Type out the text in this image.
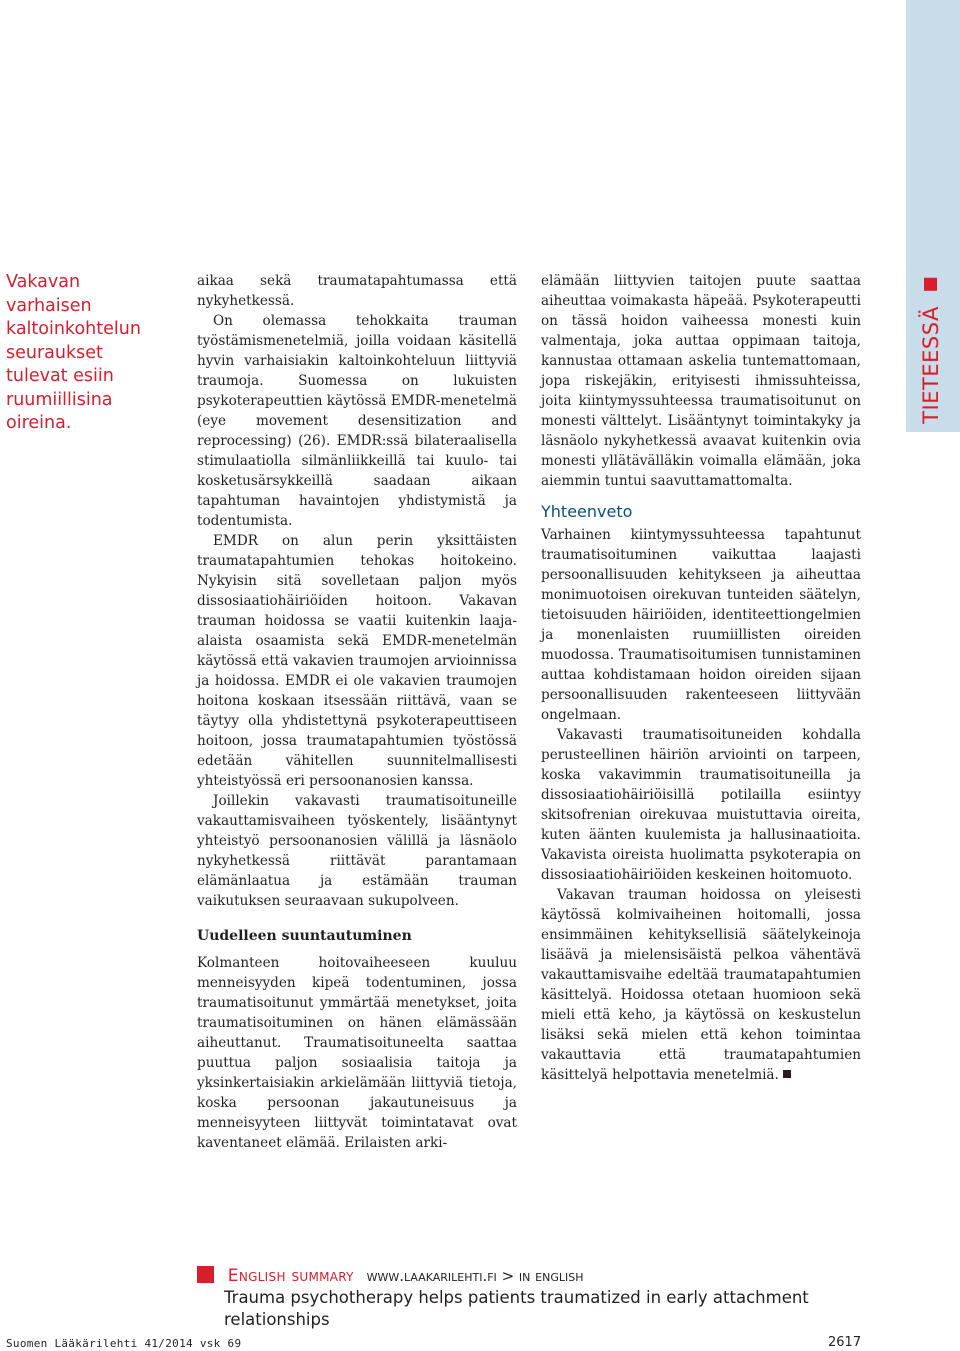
TIETEESSÄ
Vakavan varhaisen kaltoinkohtelun seuraukset tulevat esiin ruumiillisina oireina.

aikaa sekä traumatapahtumassa että nykyhetkessä.

On olemassa tehokkaita trauman työstämismenetelmiä, joilla voidaan käsitellä hyvin varhaisiakin kaltoinkohteluun liittyviä traumoja. Suomessa on lukuisten psykoterapeuttien käytössä EMDR-menetelmä (eye movement desensitization and reprocessing) (26). EMDR:ssä bilateraalisella stimulaatiolla silmänliikkeillä tai kuulo- tai kosketusärsykkeillä saadaan aikaan tapahtuman havaintojen yhdistymistä ja todentumista.

EMDR on alun perin yksittäisten traumatapahtumien tehokas hoitokeino. Nykyisin sitä sovelletaan paljon myös dissosiaatiohäiriöiden hoitoon. Vakavan trauman hoidossa se vaatii kuitenkin laaja-alaista osaamista sekä EMDR-menetelmän käytössä että vakavien traumojen arvioinnissa ja hoidossa. EMDR ei ole vakavien traumojen hoitona koskaan itsessään riittävä, vaan se täytyy olla yhdistettynä psykoterapeuttiseen hoitoon, jossa traumatapahtumien työstössä edetään vähitellen suunnitelmallisesti yhteistyössä eri persoonanosien kanssa.

Joillekin vakavasti traumatisoituneille vakauttamisvaiheen työskentely, lisääntynyt yhteistyö persoonanosien välillä ja läsnäolo nykyhetkessä riittävät parantamaan elämänlaatua ja estämään trauman vaikutuksen seuraavaan sukupolveen.

Uudelleen suuntautuminen

Kolmanteen hoitovaiheeseen kuuluu menneisyyden kipeä todentuminen, jossa traumatisoitunut ymmärtää menetykset, joita traumatisoituminen on hänen elämässään aiheuttanut. Traumatisoituneelta saattaa puuttua paljon sosiaalisia taitoja ja yksinkertaisiakin arkielämään liittyviä tietoja, koska persoonan jakautuneisuus ja menneisyyteen liittyvät toimintatavat ovat kaventaneet elämää. Erilaisten arki-

elämään liittyvien taitojen puute saattaa aiheuttaa voimakasta häpeää. Psykoterapeutti on tässä hoidon vaiheessa monesti kuin valmentaja, joka auttaa oppimaan taitoja, kannustaa ottamaan askelia tuntemattomaan, jopa riskejäkin, erityisesti ihmissuhteissa, joita kiintymyssuhteessa traumatisoitunut on monesti välttelyt. Lisääntynyt toimintakyky ja läsnäolo nykyhetkessä avaavat kuitenkin ovia monesti yllätävälläkin voimalla elämään, joka aiemmin tuntui saavuttamattomalta.

Yhteenveto

Varhainen kiintymyssuhteessa tapahtunut traumatisoituminen vaikuttaa laajasti persoonallisuuden kehitykseen ja aiheuttaa monimuotoisen oirekuvan tunteiden säätelyn, tietoisuuden häiriöiden, identiteettiongelmien ja monenlaisten ruumiillisten oireiden muodossa. Traumatisoitumisen tunnistaminen auttaa kohdistamaan hoidon oireiden sijaan persoonallisuuden rakenteeseen liittyvään ongelmaan.

Vakavasti traumatisoituneiden kohdalla perusteellinen häiriön arviointi on tarpeen, koska vakavimmin traumatisoituneilla ja dissosiaatiohäiriöisillä potilailla esiintyy skitsofrenian oirekuvaa muistuttavia oireita, kuten äänten kuulemista ja hallusinaatioita. Vakavista oireista huolimatta psykoterapia on dissosiaatiohäiriöiden keskeinen hoitomuoto.

Vakavan trauman hoidossa on yleisesti käytössä kolmivaiheinen hoitomalli, jossa ensimmäinen kehityksellisiä säätelykeinoja lisäävä ja mielensisäistä pelkoa vähentävä vakauttamisvaihe edeltää traumatapahtumien käsittelyä. Hoidossa otetaan huomioon sekä mieli että keho, ja käytössä on keskustelun lisäksi sekä mielen että kehon toimintaa vakauttavia että traumatapahtumien käsittelyä helpottavia menetelmiä.

English summary www.laakarilehti.fi > in english
Trauma psychotherapy helps patients traumatized in early attachment relationships
Suomen Lääkärilehti 41/2014 vsk 69	2617
